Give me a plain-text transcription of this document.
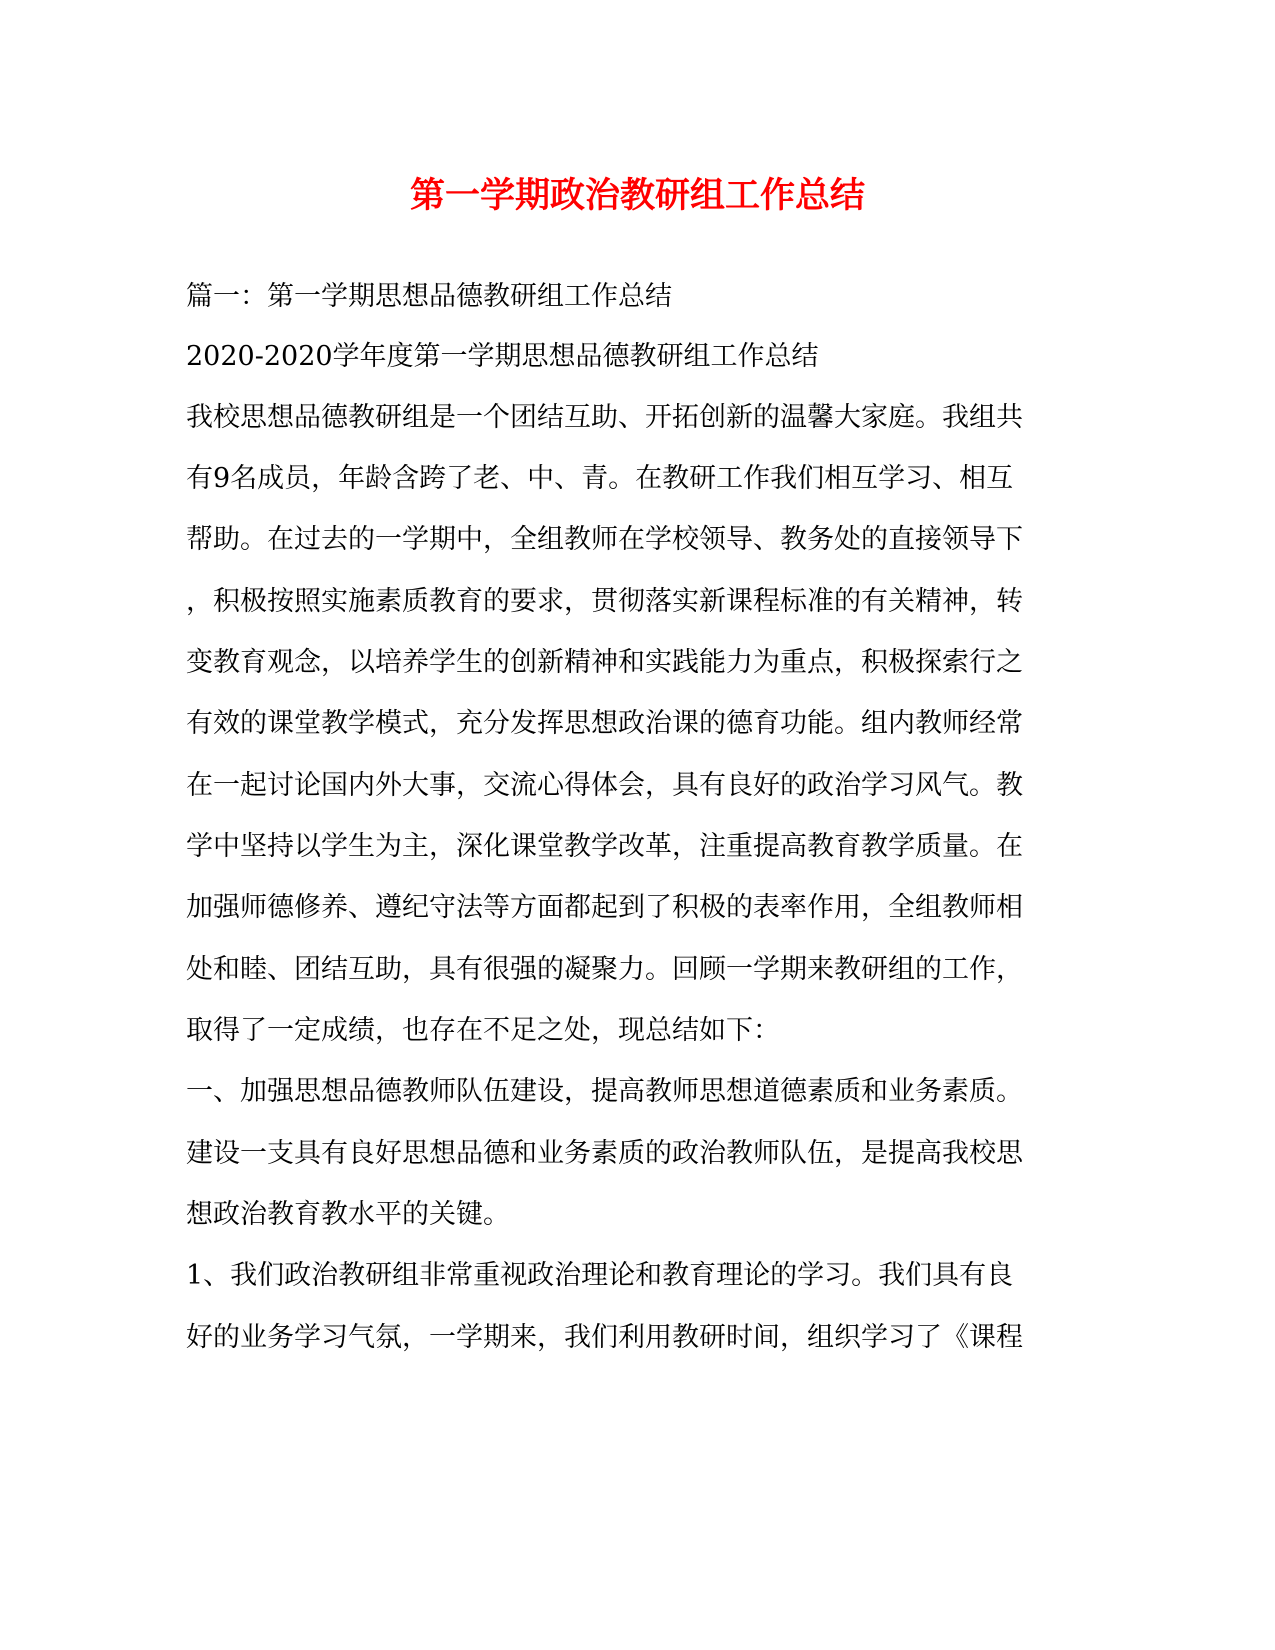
第一学期政治教研组工作总结

篇一：第一学期思想品德教研组工作总结

2020-2020学年度第一学期思想品德教研组工作总结

我校思想品德教研组是一个团结互助、开拓创新的温馨大家庭。我组共

有9名成员，年龄含跨了老、中、青。在教研工作我们相互学习、相互

帮助。在过去的一学期中，全组教师在学校领导、教务处的直接领导下

，积极按照实施素质教育的要求，贯彻落实新课程标准的有关精神，转

变教育观念，以培养学生的创新精神和实践能力为重点，积极探索行之

有效的课堂教学模式，充分发挥思想政治课的德育功能。组内教师经常

在一起讨论国内外大事，交流心得体会，具有良好的政治学习风气。教

学中坚持以学生为主，深化课堂教学改革，注重提高教育教学质量。在

加强师德修养、遵纪守法等方面都起到了积极的表率作用，全组教师相

处和睦、团结互助，具有很强的凝聚力。回顾一学期来教研组的工作，

取得了一定成绩，也存在不足之处，现总结如下：

一、加强思想品德教师队伍建设，提高教师思想道德素质和业务素质。

建设一支具有良好思想品德和业务素质的政治教师队伍，是提高我校思

想政治教育教水平的关键。

1、我们政治教研组非常重视政治理论和教育理论的学习。我们具有良

好的业务学习气氛，一学期来，我们利用教研时间，组织学习了《课程
